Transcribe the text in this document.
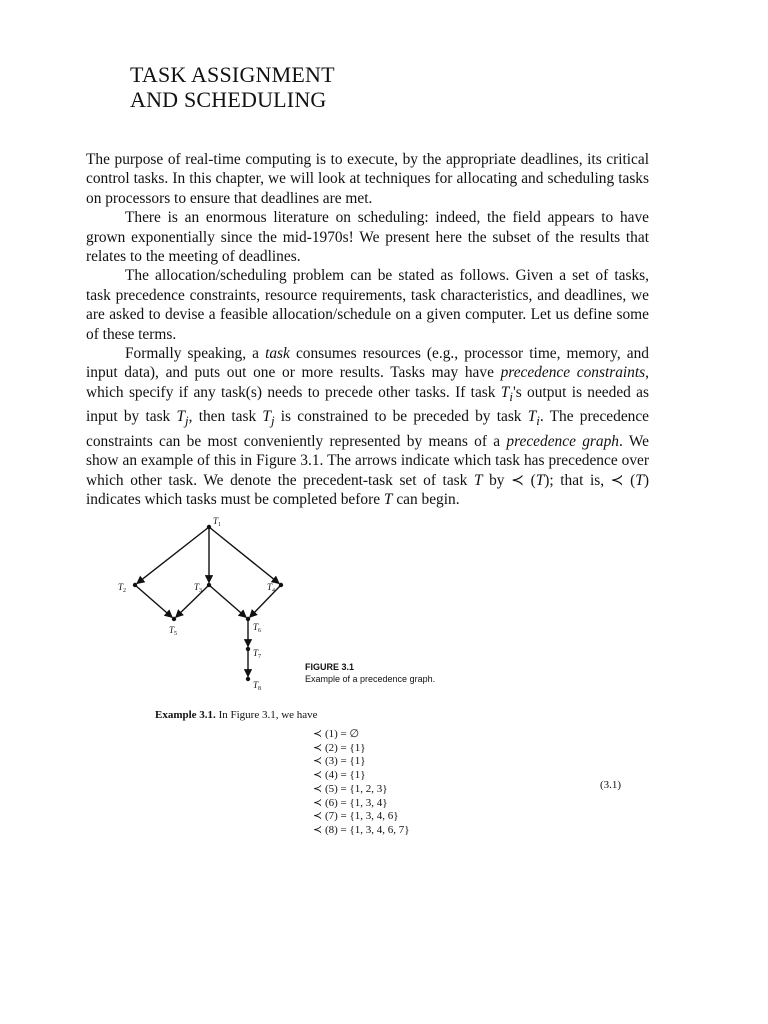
TASK ASSIGNMENT
AND SCHEDULING

The purpose of real-time computing is to execute, by the appropriate deadlines, its critical control tasks. In this chapter, we will look at techniques for allocating and scheduling tasks on processors to ensure that deadlines are met.

There is an enormous literature on scheduling: indeed, the field appears to have grown exponentially since the mid-1970s! We present here the subset of the results that relates to the meeting of deadlines.

The allocation/scheduling problem can be stated as follows. Given a set of tasks, task precedence constraints, resource requirements, task characteristics, and deadlines, we are asked to devise a feasible allocation/schedule on a given computer. Let us define some of these terms.

Formally speaking, a task consumes resources (e.g., processor time, memory, and input data), and puts out one or more results. Tasks may have precedence constraints, which specify if any task(s) needs to precede other tasks. If task $T_i's$ output is needed as input by task $T_j$, then task $T_j$ is constrained to be preceded by task $T_i$. The precedence constraints can be most conveniently represented by means of a precedence graph. We show an example of this in Figure 3.1. The arrows indicate which task has precedence over which other task. We denote the precedent-task set of task T by ≺ (T); that is, ≺ (T) indicates which tasks must be completed before T can begin.

$T_1$
$T_2$	$T_3$	$T_4$
$T_5$
$T_6$
$T_7$
$T_8$
FIGURE 3.1
Example of a precedence graph.
Example 3.1. In Figure 3.1, we have
≺ (1) = ∅
≺ (2) = {1}
≺ (3) = {1}
≺ (4) = {1}
≺ (5) = {1, 2, 3}
≺ (6) = {1, 3, 4}
≺ (7) = {1, 3, 4, 6}
≺ (8) = {1, 3, 4, 6, 7}
(3.1)
